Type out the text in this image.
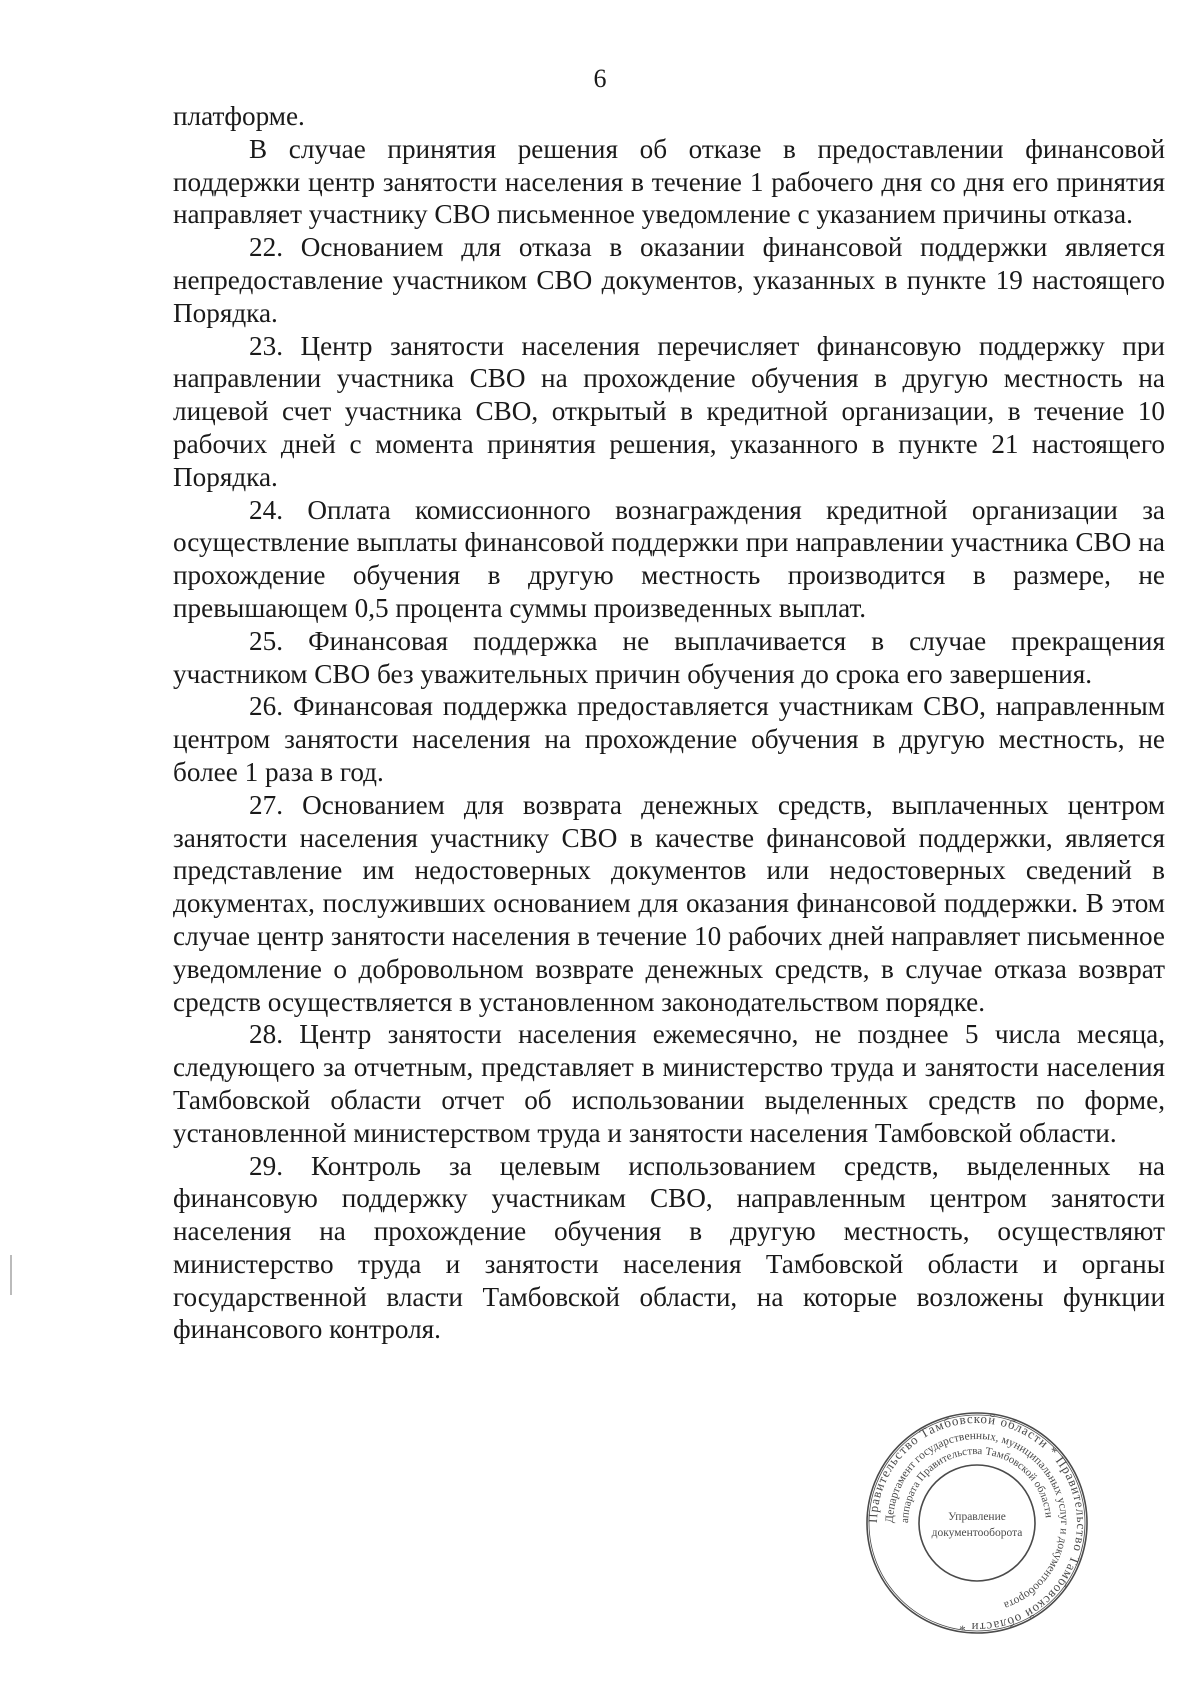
6

платформе.

В случае принятия решения об отказе в предоставлении финансовой поддержки центр занятости населения в течение 1 рабочего дня со дня его принятия направляет участнику СВО письменное уведомление с указанием причины отказа.

22. Основанием для отказа в оказании финансовой поддержки является непредоставление участником СВО документов, указанных в пункте 19 настоящего Порядка.

23. Центр занятости населения перечисляет финансовую поддержку при направлении участника СВО на прохождение обучения в другую местность на лицевой счет участника СВО, открытый в кредитной организации, в течение 10 рабочих дней с момента принятия решения, указанного в пункте 21 настоящего Порядка.

24. Оплата комиссионного вознаграждения кредитной организации за осуществление выплаты финансовой поддержки при направлении участника СВО на прохождение обучения в другую местность производится в размере, не превышающем 0,5 процента суммы произведенных выплат.

25. Финансовая поддержка не выплачивается в случае прекращения участником СВО без уважительных причин обучения до срока его завершения.

26. Финансовая поддержка предоставляется участникам СВО, направленным центром занятости населения на прохождение обучения в другую местность, не более 1 раза в год.

27. Основанием для возврата денежных средств, выплаченных центром занятости населения участнику СВО в качестве финансовой поддержки, является представление им недостоверных документов или недостоверных сведений в документах, послуживших основанием для оказания финансовой поддержки. В этом случае центр занятости населения в течение 10 рабочих дней направляет письменное уведомление о добровольном возврате денежных средств, в случае отказа возврат средств осуществляется в установленном законодательством порядке.

28. Центр занятости населения ежемесячно, не позднее 5 числа месяца, следующего за отчетным, представляет в министерство труда и занятости населения Тамбовской области отчет об использовании выделенных средств по форме, установленной министерством труда и занятости населения Тамбовской области.

29. Контроль за целевым использованием средств, выделенных на финансовую поддержку участникам СВО, направленным центром занятости населения на прохождение обучения в другую местность, осуществляют министерство труда и занятости населения Тамбовской области и органы государственной власти Тамбовской области, на которые возложены функции финансового контроля.

Правительство Тамбовской области * Правительство Тамбовской области *
Департамент государственных, муниципальных услуг и документооборота
аппарата Правительства Тамбовской области
Управление
документооборота
